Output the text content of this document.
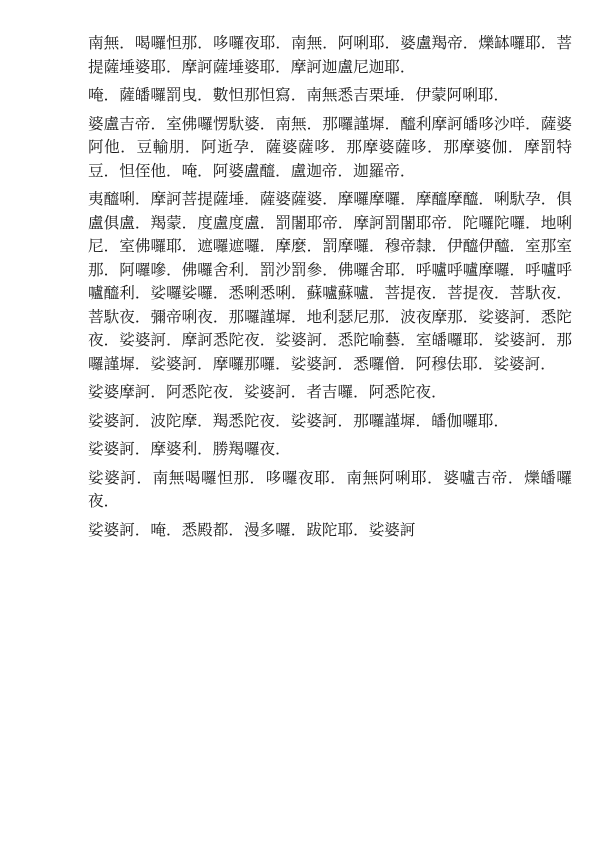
南無．喝囉怛那．哆囉夜耶．南無．阿唎耶．婆盧羯帝．爍缽囉耶．菩提薩埵婆耶．摩訶薩埵婆耶．摩訶迦盧尼迦耶．

唵．薩皤囉罰曳．數怛那怛寫．南無悉吉栗埵．伊蒙阿唎耶．

婆盧吉帝．室佛囉愣馱婆．南無．那囉謹墀．醯利摩訶皤哆沙咩．薩婆阿他．豆輸朋．阿逝孕．薩婆薩哆．那摩婆薩哆．那摩婆伽．摩罰特豆．怛侄他．唵．阿婆盧醯．盧迦帝．迦羅帝．

夷醯唎．摩訶菩提薩埵．薩婆薩婆．摩囉摩囉．摩醯摩醯．唎馱孕．俱盧俱盧．羯蒙．度盧度盧．罰闍耶帝．摩訶罰闍耶帝．陀囉陀囉．地唎尼．室佛囉耶．遮囉遮囉．摩麼．罰摩囉．穆帝隸．伊醯伊醯．室那室那．阿囉嘇．佛囉舍利．罰沙罰參．佛囉舍耶．呼嚧呼嚧摩囉．呼嚧呼嚧醯利．娑囉娑囉．悉唎悉唎．蘇嚧蘇嚧．菩提夜．菩提夜．菩馱夜．菩馱夜．彌帝唎夜．那囉謹墀．地利瑟尼那．波夜摩那．娑婆訶．悉陀夜．娑婆訶．摩訶悉陀夜．娑婆訶．悉陀喻藝．室皤囉耶．娑婆訶．那囉謹墀．娑婆訶．摩囉那囉．娑婆訶．悉囉僧．阿穆佉耶．娑婆訶．

娑婆摩訶．阿悉陀夜．娑婆訶．者吉囉．阿悉陀夜．

娑婆訶．波陀摩．羯悉陀夜．娑婆訶．那囉謹墀．皤伽囉耶．

娑婆訶．摩婆利．勝羯囉夜．

娑婆訶．南無喝囉怛那．哆囉夜耶．南無阿唎耶．婆嚧吉帝．爍皤囉夜．

娑婆訶．唵．悉殿都．漫多囉．跋陀耶．娑婆訶
